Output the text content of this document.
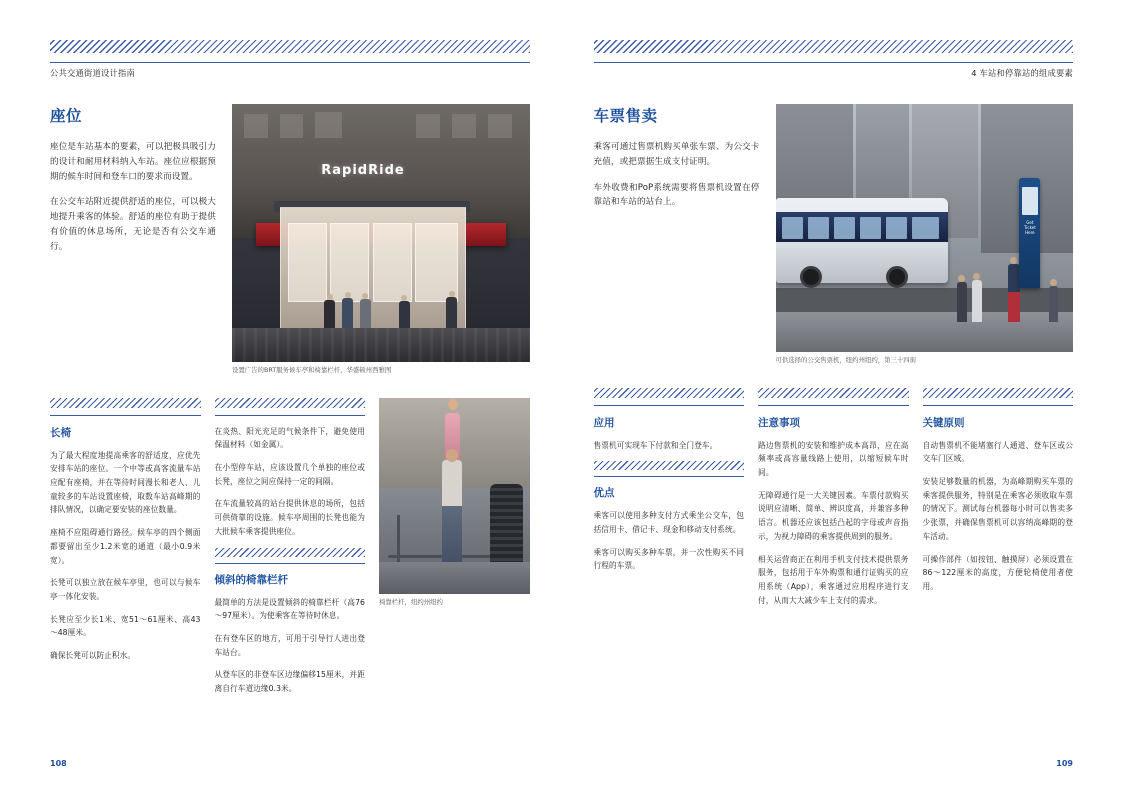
公共交通街道设计指南
座位

座位是车站基本的要素，可以把极具吸引力的设计和耐用材料纳入车站。座位应根据预期的候车时间和登车口的要求而设置。

在公交车站附近提供舒适的座位，可以极大地提升乘客的体验。舒适的座位有助于提供有价值的休息场所，无论是否有公交车通行。

RapidRide
设置广告的BRT服务候车亭和椅靠栏杆，华盛顿州西雅图
长椅

为了最大程度地提高乘客的舒适度，应优先安排车站的座位。一个中等或高客流量车站应配有座椅，并在等待时间漫长和老人、儿童较多的车站设置座椅，取数车站高峰期的排队情况，以确定要安装的座位数量。

座椅不应阻碍通行路径。候车亭的四个侧面都要留出至少1.2米宽的通道（最小0.9米宽）。

长凳可以独立放在候车亭里，也可以与候车亭一体化安装。

长凳应至少长1米、宽51～61厘米、高43～48厘米。

确保长凳可以防止积水。

在炎热、阳光充足的气候条件下，避免使用保温材料（如金属）。

在小型停车站，应该设置几个单独的座位或长凳，座位之间应保持一定的间隔。

在车流量较高的站台提供休息的场所，包括可供倚靠的设施。候车亭周围的长凳也能为大批候车乘客提供座位。

倾斜的椅靠栏杆

最简单的方法是设置倾斜的椅靠栏杆（高76～97厘米）。为使乘客在等待时休息。

在有登车区的地方，可用于引导行人进出登车站台。

从登车区的非登车区边缘偏移15厘米，并距离自行车道边缘0.3米。

椅靠栏杆，纽约州纽约
108
4 车站和停靠站的组成要素
车票售卖

乘客可通过售票机购买单张车票、为公交卡充值，或把票据生成支付证明。

车外收费和PoP系统需要将售票机设置在停靠站和车站的站台上。

Get
Ticket
Here
可供选择的公交售票机，纽约州纽约，第三十四街
应用

售票机可实现车下付款和全门登车。

优点

乘客可以使用多种支付方式乘坐公交车，包括信用卡、借记卡、现金和移动支付系统。

乘客可以购买多种车票，并一次性购买不同行程的车票。

注意事项

路边售票机的安装和维护成本高昂，应在高频率或高容量线路上使用，以缩短候车时间。

无障碍通行是一大关键因素。车票付款购买说明应清晰、简单、辨识度高，并兼容多种语言。机器还应该包括凸起的字母或声音指示，为视力障碍的乘客提供周到的服务。

相关运营商正在利用手机支付技术提供票务服务，包括用于车外购票和通行证购买的应用系统（App），乘客通过应用程序进行支付，从而大大减少车上支付的需求。

关键原则

自动售票机不能堵塞行人通道、登车区或公交车门区域。

安装足够数量的机器，为高峰期购买车票的乘客提供服务，特别是在乘客必须收取车票的情况下。测试每台机器每小时可以售卖多少张票，并确保售票机可以容纳高峰期的登车活动。

可操作部件（如按钮、触摸屏）必须设置在86～122厘米的高度，方便轮椅使用者使用。

109
